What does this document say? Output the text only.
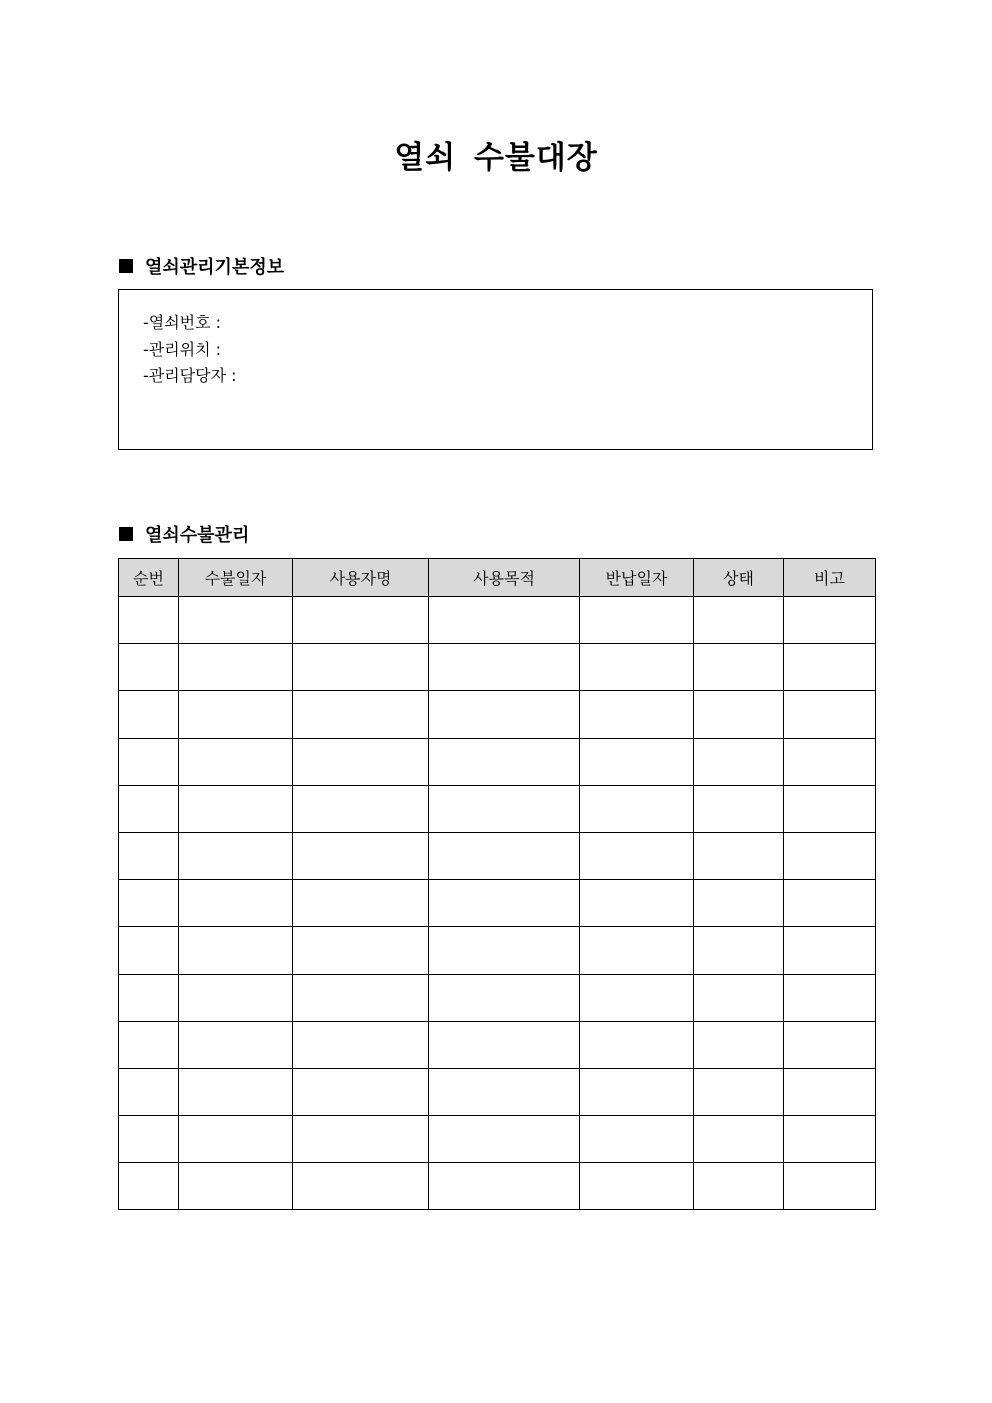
열쇠 수불대장
열쇠관리기본정보
-열쇠번호 :
-관리위치 :
-관리담당자 :
열쇠수불관리
순번	수불일자	사용자명	사용목적	반납일자	상태	비고
